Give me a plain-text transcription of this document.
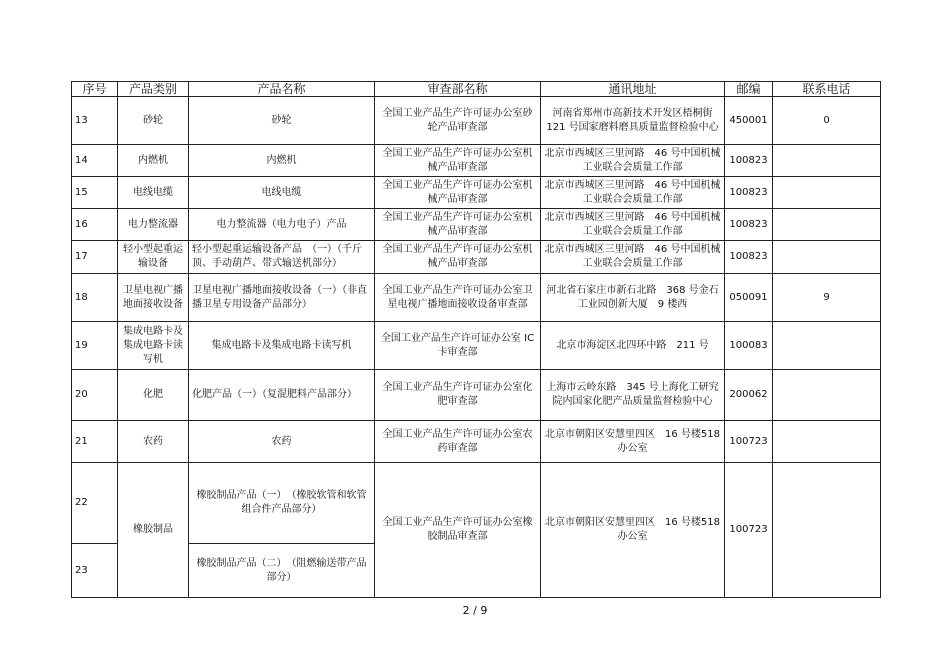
序号	产品类别	产品名称	审查部名称	通讯地址	邮编	联系电话
13	砂轮	砂轮	全国工业产品生产许可证办公室砂轮产品审查部	河南省郑州市高新技术开发区梧桐街 121 号国家磨料磨具质量监督检验中心	450001	0
14	内燃机	内燃机	全国工业产品生产许可证办公室机械产品审查部	北京市西城区三里河路　46 号中国机械工业联合会质量工作部	100823	
15	电线电缆	电线电缆	全国工业产品生产许可证办公室机械产品审查部	北京市西城区三里河路　46 号中国机械工业联合会质量工作部	100823	
16	电力整流器	电力整流器（电力电子）产品	全国工业产品生产许可证办公室机械产品审查部	北京市西城区三里河路　46 号中国机械工业联合会质量工作部	100823	
17	轻小型起重运输设备	轻小型起重运输设备产品　（一）（千斤顶、手动葫芦、带式输送机部分）	全国工业产品生产许可证办公室机械产品审查部	北京市西城区三里河路　46 号中国机械工业联合会质量工作部	100823	
18	卫星电视广播地面接收设备	卫星电视广播地面接收设备（一）（非直播卫星专用设备产品部分）	全国工业产品生产许可证办公室卫星电视广播地面接收设备审查部	河北省石家庄市新石北路　368 号金石工业园创新大厦　9 楼西	050091	9
19	集成电路卡及集成电路卡读写机	集成电路卡及集成电路卡读写机	全国工业产品生产许可证办公室 IC 卡审查部	北京市海淀区北四环中路　211 号	100083	
20	化肥	化肥产品（一）（复混肥料产品部分）	全国工业产品生产许可证办公室化肥审查部	上海市云岭东路　345 号上海化工研究院内国家化肥产品质量监督检验中心	200062	
21	农药	农药	全国工业产品生产许可证办公室农药审查部	北京市朝阳区安慧里四区　16 号楼518 办公室	100723	
22	橡胶制品	橡胶制品产品（一）　（橡胶软管和软管组合件产品部分）	全国工业产品生产许可证办公室橡胶制品审查部	北京市朝阳区安慧里四区　16 号楼518 办公室	100723	
23		橡胶制品产品（二）　（阻燃输送带产品部分）				
2 / 9
